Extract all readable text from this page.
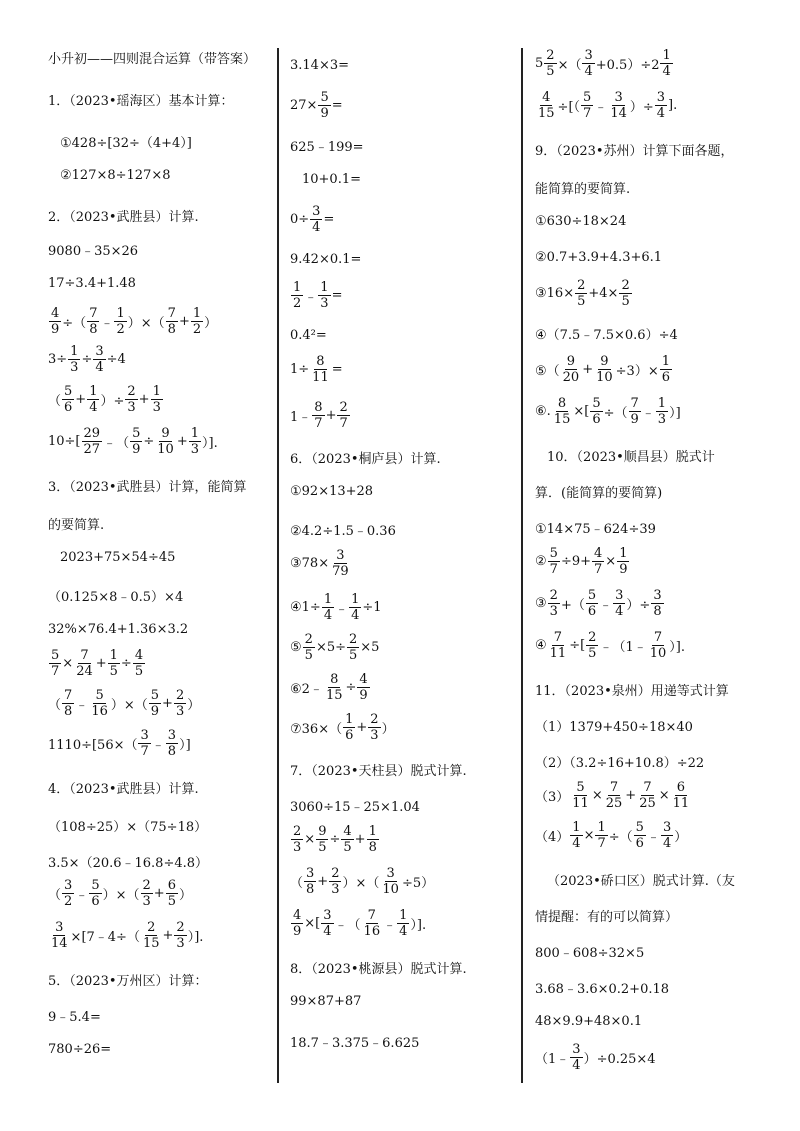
小升初——四则混合运算（带答案）
1．（2023•瑶海区）基本计算：
①428÷[32÷（4+4）]
②127×8÷127×8
2．（2023•武胜县）计算.
9080﹣35×26
17÷3.4+1.48
$\frac{4}{9}$ ÷（ $\frac{7}{8}$ ﹣ $\frac{1}{2}$ ）×（ $\frac{7}{8} + \frac{1}{2}$ ）
$3\div \frac{1}{3} \div \frac{3}{4} \div 4$
（ $\frac{5}{6} + \frac{1}{4}$ ）÷ $\frac{2}{3} + \frac{1}{3}$
$10\div[ \frac{29}{27}$ ﹣（ $\frac{5}{9} \div \frac{9}{10} + \frac{1}{3}$ ）].
3．（2023•武胜县）计算，能简算
的要简算.
2023+75×54÷45
（0.125×8﹣0.5）×4
32%×76.4+1.36×3.2
$\frac{5}{7} \times \frac{7}{24} + \frac{1}{5} \div \frac{4}{5}$
（ $\frac{7}{8}$ ﹣ $\frac{5}{16}$ ）×（ $\frac{5}{9} + \frac{2}{3}$ ）
$1110\div[56\times( \frac{3}{7}$ ﹣ $\frac{3}{8}$ ）]
4．（2023•武胜县）计算.
（108÷25）×（75÷18）
3.5×（20.6﹣16.8÷4.8）
（ $\frac{3}{2}$ ﹣ $\frac{5}{6}$ ）×（ $\frac{2}{3} + \frac{6}{5}$ ）
$\frac{3}{14}$ ×[7﹣4÷（ $\frac{2}{15} + \frac{2}{3}$ ）].
5．（2023•万州区）计算：
9﹣5.4=
780÷26=
3.14×3=
$27\times \frac{5}{9}$ =
625﹣199=
10+0.1=
$0\div \frac{3}{4}$ =
9.42×0.1=
$\frac{1}{2}$ ﹣ $\frac{1}{3}$ =
0.4²=
$1\div \frac{8}{11}$ =
1﹣ $\frac{8}{7} + \frac{2}{7}$
6．（2023•桐庐县）计算.
①92×13+28
②4.2÷1.5﹣0.36
③78× $\frac{3}{79}$
④1÷ $\frac{1}{4}$ ﹣ $\frac{1}{4} \div 1$
⑤ $\frac{2}{5} \times 5\div \frac{2}{5} \times 5$
⑥2﹣ $\frac{8}{15} \div \frac{4}{9}$
⑦36×（ $\frac{1}{6} + \frac{2}{3}$ ）
7．（2023•天柱县）脱式计算.
3060÷15﹣25×1.04
$\frac{2}{3} \times \frac{9}{5} \div \frac{4}{5} + \frac{1}{8}$
（ $\frac{3}{8} + \frac{2}{3}$ ）×（ $\frac{3}{10} \div 5$）
$\frac{4}{9}$ ×[ $\frac{3}{4}$ ﹣（ $\frac{7}{16}$ ﹣ $\frac{1}{4}$ ）].
8．（2023•桃源县）脱式计算.
99×87+87
18.7﹣3.375﹣6.625
$5 \frac{2}{5}$ ×（ $\frac{3}{4} +0.5)\div 2 \frac{1}{4}$
$\frac{4}{15}$ ÷[（ $\frac{5}{7}$ ﹣ $\frac{3}{14}$ ）÷ $\frac{3}{4}$ ].
9．（2023•苏州）计算下面各题，
能简算的要简算.
①630÷18×24
②0.7+3.9+4.3+6.1
③16× $\frac{2}{5} +4\times \frac{2}{5}$
④（7.5﹣7.5×0.6）÷4
⑤（ $\frac{9}{20} + \frac{9}{10} \div 3)\times \frac{1}{6}$
⑥. $\frac{8}{15}$ ×[ $\frac{5}{6}$ ÷（ $\frac{7}{9}$ ﹣ $\frac{1}{3}$ ）]
10．（2023•顺昌县）脱式计
算．(能简算的要简算)
①14×75﹣624÷39
② $\frac{5}{7} \div 9+ \frac{4}{7} \times \frac{1}{9}$
③ $\frac{2}{3}$ +（ $\frac{5}{6}$ ﹣ $\frac{3}{4}$ ）÷ $\frac{3}{8}$
④ $\frac{7}{11}$ ÷[ $\frac{2}{5}$ ﹣（1﹣ $\frac{7}{10}$ ）].
11．（2023•泉州）用递等式计算
（1）1379+450÷18×40
（2）（3.2÷16+10.8）÷22
$(3) \frac{5}{11} \times \frac{7}{25} + \frac{7}{25} \times \frac{6}{11}$
$(4) \frac{1}{4} \times \frac{1}{7}$ ÷（ $\frac{5}{6}$ ﹣ $\frac{3}{4}$ ）
（2023•硚口区）脱式计算.（友
情提醒：有的可以简算）
800﹣608÷32×5
3.68﹣3.6×0.2+0.18
48×9.9+48×0.1
（1﹣ $\frac{3}{4} )\div 0.25\times 4$
